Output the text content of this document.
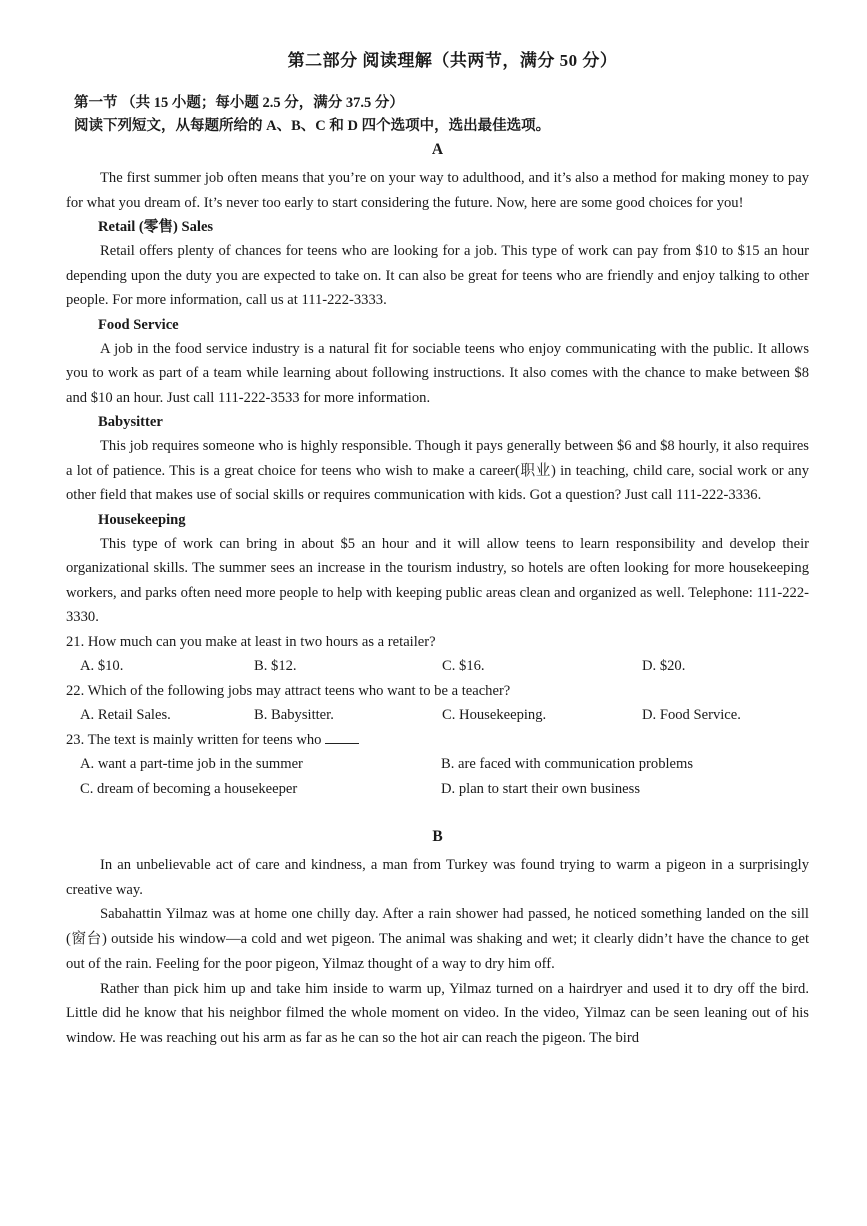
第二部分 阅读理解（共两节，满分 50 分）
第一节 （共 15 小题；每小题 2.5 分，满分 37.5 分）
阅读下列短文，从每题所给的 A、B、C 和 D 四个选项中，选出最佳选项。
A

The first summer job often means that you’re on your way to adulthood, and it’s also a method for making money to pay for what you dream of. It’s never too early to start considering the future. Now, here are some good choices for you!

Retail (零售) Sales

Retail offers plenty of chances for teens who are looking for a job. This type of work can pay from $10 to $15 an hour depending upon the duty you are expected to take on. It can also be great for teens who are friendly and enjoy talking to other people. For more information, call us at 111-222-3333.

Food Service

A job in the food service industry is a natural fit for sociable teens who enjoy communicating with the public. It allows you to work as part of a team while learning about following instructions. It also comes with the chance to make between $8 and $10 an hour. Just call 111-222-3533 for more information.

Babysitter

This job requires someone who is highly responsible. Though it pays generally between $6 and $8 hourly, it also requires a lot of patience. This is a great choice for teens who wish to make a career(职业) in teaching, child care, social work or any other field that makes use of social skills or requires communication with kids. Got a question? Just call 111-222-3336.

Housekeeping

This type of work can bring in about $5 an hour and it will allow teens to learn responsibility and develop their organizational skills. The summer sees an increase in the tourism industry, so hotels are often looking for more housekeeping workers, and parks often need more people to help with keeping public areas clean and organized as well. Telephone: 111-222-3330.

21. How much can you make at least in two hours as a retailer?
A. $10.	B. $12.	C. $16.	D. $20.
22. Which of the following jobs may attract teens who want to be a teacher?
A. Retail Sales.	B. Babysitter.	C. Housekeeping.	D. Food Service.
23. The text is mainly written for teens who
A. want a part-time job in the summer	B. are faced with communication problems
C. dream of becoming a housekeeper	D. plan to start their own business
B

In an unbelievable act of care and kindness, a man from Turkey was found trying to warm a pigeon in a surprisingly creative way.

Sabahattin Yilmaz was at home one chilly day. After a rain shower had passed, he noticed something landed on the sill (窗台) outside his window—a cold and wet pigeon. The animal was shaking and wet; it clearly didn’t have the chance to get out of the rain. Feeling for the poor pigeon, Yilmaz thought of a way to dry him off.

Rather than pick him up and take him inside to warm up, Yilmaz turned on a hairdryer and used it to dry off the bird. Little did he know that his neighbor filmed the whole moment on video. In the video, Yilmaz can be seen leaning out of his window. He was reaching out his arm as far as he can so the hot air can reach the pigeon. The bird
